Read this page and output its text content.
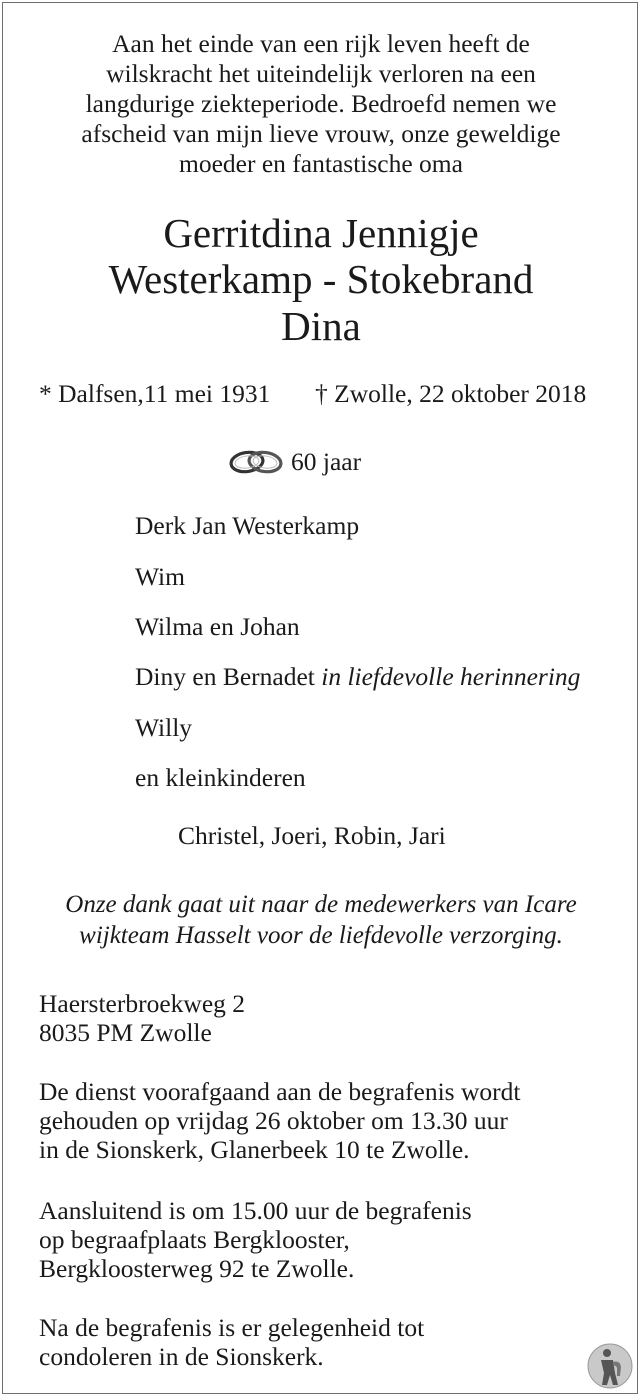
Aan het einde van een rijk leven heeft de
wilskracht het uiteindelijk verloren na een
langdurige ziekteperiode. Bedroefd nemen we
afscheid van mijn lieve vrouw, onze geweldige
moeder en fantastische oma
Gerritdina Jennigje
Westerkamp - Stokebrand
Dina
* Dalfsen,11 mei 1931 † Zwolle, 22 oktober 2018
60 jaar
Derk Jan Westerkamp
Wim
Wilma en Johan
Diny en Bernadet in liefdevolle herinnering
Willy
en kleinkinderen
Christel, Joeri, Robin, Jari
Onze dank gaat uit naar de medewerkers van Icare
wijkteam Hasselt voor de liefdevolle verzorging.
Haersterbroekweg 2
8035 PM Zwolle
De dienst voorafgaand aan de begrafenis wordt
gehouden op vrijdag 26 oktober om 13.30 uur
in de Sionskerk, Glanerbeek 10 te Zwolle.
Aansluitend is om 15.00 uur de begrafenis
op begraafplaats Bergklooster,
Bergkloosterweg 92 te Zwolle.
Na de begrafenis is er gelegenheid tot
condoleren in de Sionskerk.
